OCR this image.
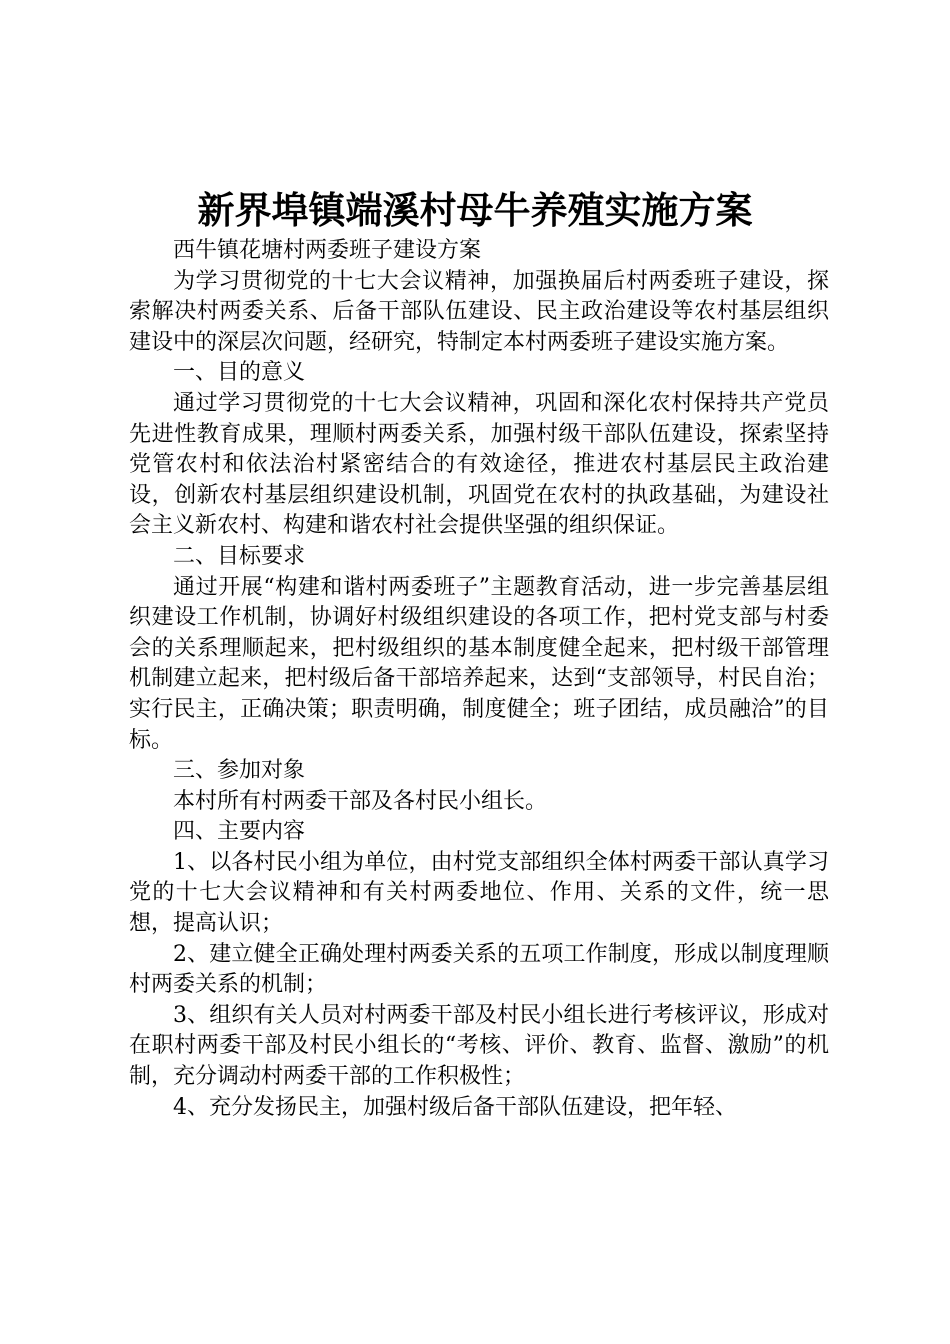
新界埠镇端溪村母牛养殖实施方案

西牛镇花塘村两委班子建设方案

为学习贯彻党的十七大会议精神，加强换届后村两委班子建设，探索解决村两委关系、后备干部队伍建设、民主政治建设等农村基层组织建设中的深层次问题，经研究，特制定本村两委班子建设实施方案。

一、目的意义

通过学习贯彻党的十七大会议精神，巩固和深化农村保持共产党员先进性教育成果，理顺村两委关系，加强村级干部队伍建设，探索坚持党管农村和依法治村紧密结合的有效途径，推进农村基层民主政治建设，创新农村基层组织建设机制，巩固党在农村的执政基础，为建设社会主义新农村、构建和谐农村社会提供坚强的组织保证。

二、目标要求

通过开展“构建和谐村两委班子”主题教育活动，进一步完善基层组织建设工作机制，协调好村级组织建设的各项工作，把村党支部与村委会的关系理顺起来，把村级组织的基本制度健全起来，把村级干部管理机制建立起来，把村级后备干部培养起来，达到“支部领导，村民自治；实行民主，正确决策；职责明确，制度健全；班子团结，成员融洽”的目标。

三、参加对象

本村所有村两委干部及各村民小组长。

四、主要内容

1、以各村民小组为单位，由村党支部组织全体村两委干部认真学习党的十七大会议精神和有关村两委地位、作用、关系的文件，统一思想，提高认识；

2、建立健全正确处理村两委关系的五项工作制度，形成以制度理顺村两委关系的机制；

3、组织有关人员对村两委干部及村民小组长进行考核评议，形成对在职村两委干部及村民小组长的“考核、评价、教育、监督、激励”的机制，充分调动村两委干部的工作积极性；

4、充分发扬民主，加强村级后备干部队伍建设，把年轻、
